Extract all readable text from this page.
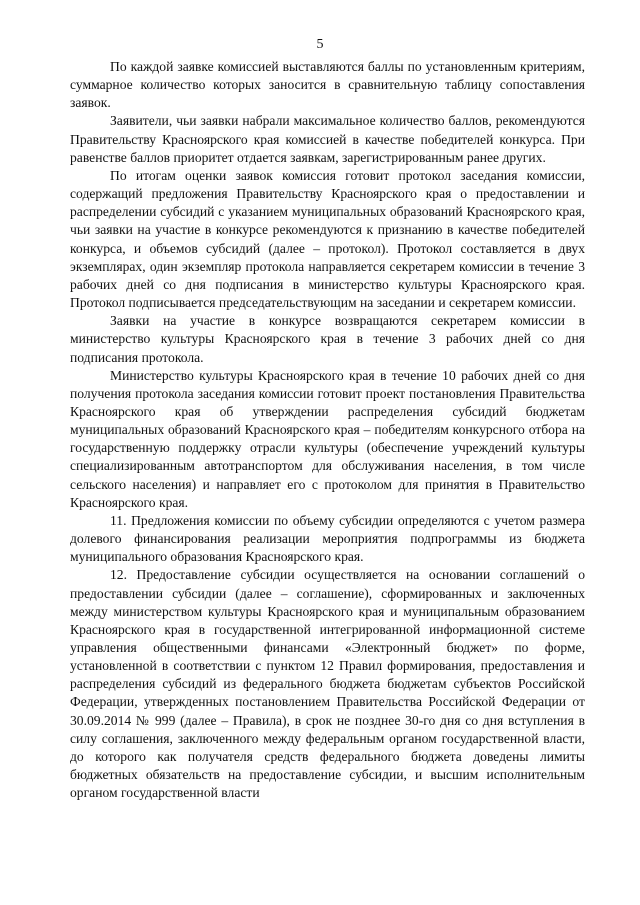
5

По каждой заявке комиссией выставляются баллы по установленным критериям, суммарное количество которых заносится в сравнительную таблицу сопоставления заявок.

Заявители, чьи заявки набрали максимальное количество баллов, рекомендуются Правительству Красноярского края комиссией в качестве победителей конкурса. При равенстве баллов приоритет отдается заявкам, зарегистрированным ранее других.

По итогам оценки заявок комиссия готовит протокол заседания комиссии, содержащий предложения Правительству Красноярского края о предоставлении и распределении субсидий с указанием муниципальных образований Красноярского края, чьи заявки на участие в конкурсе рекомендуются к признанию в качестве победителей конкурса, и объемов субсидий (далее – протокол). Протокол составляется в двух экземплярах, один экземпляр протокола направляется секретарем комиссии в течение 3 рабочих дней со дня подписания в министерство культуры Красноярского края. Протокол подписывается председательствующим на заседании и секретарем комиссии.

Заявки на участие в конкурсе возвращаются секретарем комиссии в министерство культуры Красноярского края в течение 3 рабочих дней со дня подписания протокола.

Министерство культуры Красноярского края в течение 10 рабочих дней со дня получения протокола заседания комиссии готовит проект постановления Правительства Красноярского края об утверждении распределения субсидий бюджетам муниципальных образований Красноярского края – победителям конкурсного отбора на государственную поддержку отрасли культуры (обеспечение учреждений культуры специализированным автотранспортом для обслуживания населения, в том числе сельского населения) и направляет его с протоколом для принятия в Правительство Красноярского края.

11. Предложения комиссии по объему субсидии определяются с учетом размера долевого финансирования реализации мероприятия подпрограммы из бюджета муниципального образования Красноярского края.

12. Предоставление субсидии осуществляется на основании соглашений о предоставлении субсидии (далее – соглашение), сформированных и заключенных между министерством культуры Красноярского края и муниципальным образованием Красноярского края в государственной интегрированной информационной системе управления общественными финансами «Электронный бюджет» по форме, установленной в соответствии с пунктом 12 Правил формирования, предоставления и распределения субсидий из федерального бюджета бюджетам субъектов Российской Федерации, утвержденных постановлением Правительства Российской Федерации от 30.09.2014 № 999 (далее – Правила), в срок не позднее 30-го дня со дня вступления в силу соглашения, заключенного между федеральным органом государственной власти, до которого как получателя средств федерального бюджета доведены лимиты бюджетных обязательств на предоставление субсидии, и высшим исполнительным органом государственной власти
